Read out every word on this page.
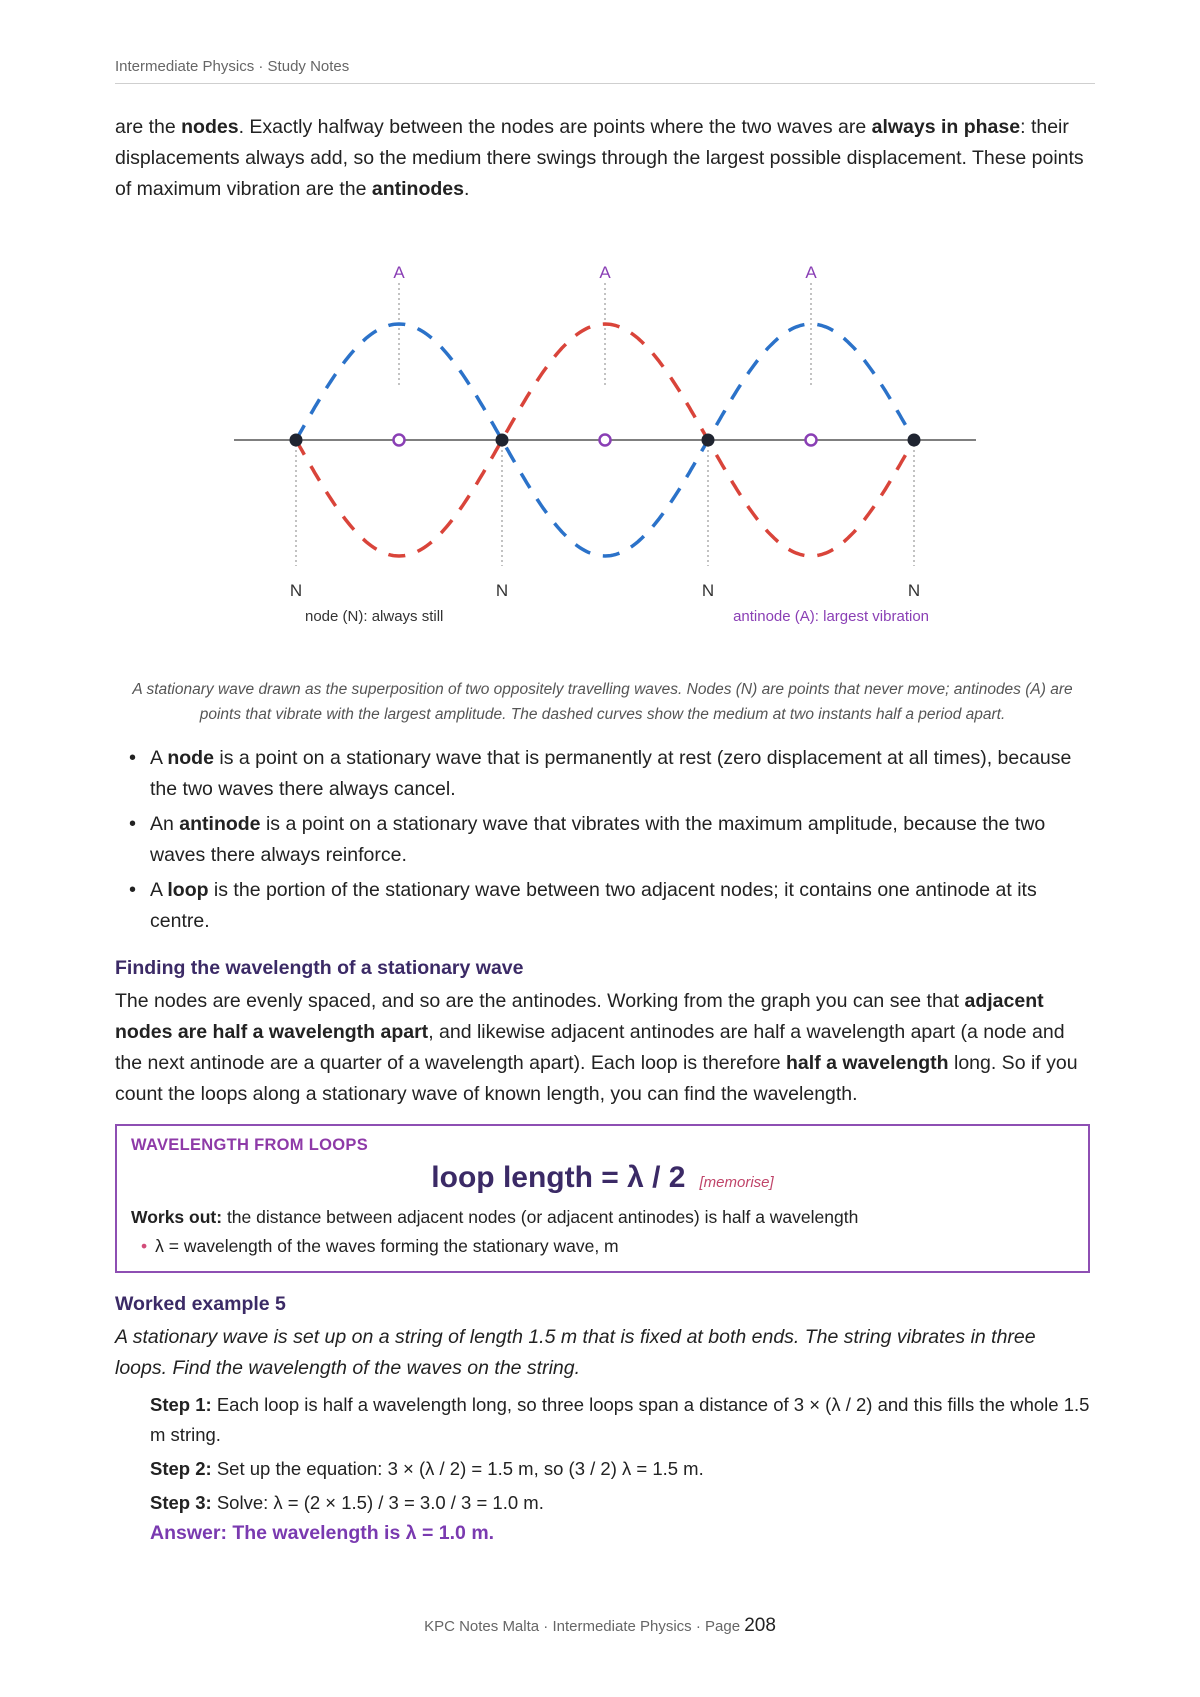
Intermediate Physics · Study Notes

are the nodes. Exactly halfway between the nodes are points where the two waves are always in phase: their displacements always add, so the medium there swings through the largest possible displacement. These points of maximum vibration are the antinodes.

N	N	N	N
A	A	A
node (N): always still	antinode (A): largest vibration

A stationary wave drawn as the superposition of two oppositely travelling waves. Nodes (N) are points that never move; antinodes (A) are points that vibrate with the largest amplitude. The dashed curves show the medium at two instants half a period apart.

• A node is a point on a stationary wave that is permanently at rest (zero displacement at all times), because the two waves there always cancel.
• An antinode is a point on a stationary wave that vibrates with the maximum amplitude, because the two waves there always reinforce.
• A loop is the portion of the stationary wave between two adjacent nodes; it contains one antinode at its centre.
Finding the wavelength of a stationary wave

The nodes are evenly spaced, and so are the antinodes. Working from the graph you can see that adjacent nodes are half a wavelength apart, and likewise adjacent antinodes are half a wavelength apart (a node and the next antinode are a quarter of a wavelength apart). Each loop is therefore half a wavelength long. So if you count the loops along a stationary wave of known length, you can find the wavelength.

WAVELENGTH FROM LOOPS
loop length = λ / 2 [memorise]
Works out: the distance between adjacent nodes (or adjacent antinodes) is half a wavelength
• λ = wavelength of the waves forming the stationary wave, m
Worked example 5

A stationary wave is set up on a string of length 1.5 m that is fixed at both ends. The string vibrates in three loops. Find the wavelength of the waves on the string.

Step 1: Each loop is half a wavelength long, so three loops span a distance of 3 × (λ / 2) and this fills the whole 1.5 m string.
Step 2: Set up the equation: 3 × (λ / 2) = 1.5 m, so (3 / 2) λ = 1.5 m.
Step 3: Solve: λ = (2 × 1.5) / 3 = 3.0 / 3 = 1.0 m.
Answer: The wavelength is λ = 1.0 m.
KPC Notes Malta · Intermediate Physics · Page 208
